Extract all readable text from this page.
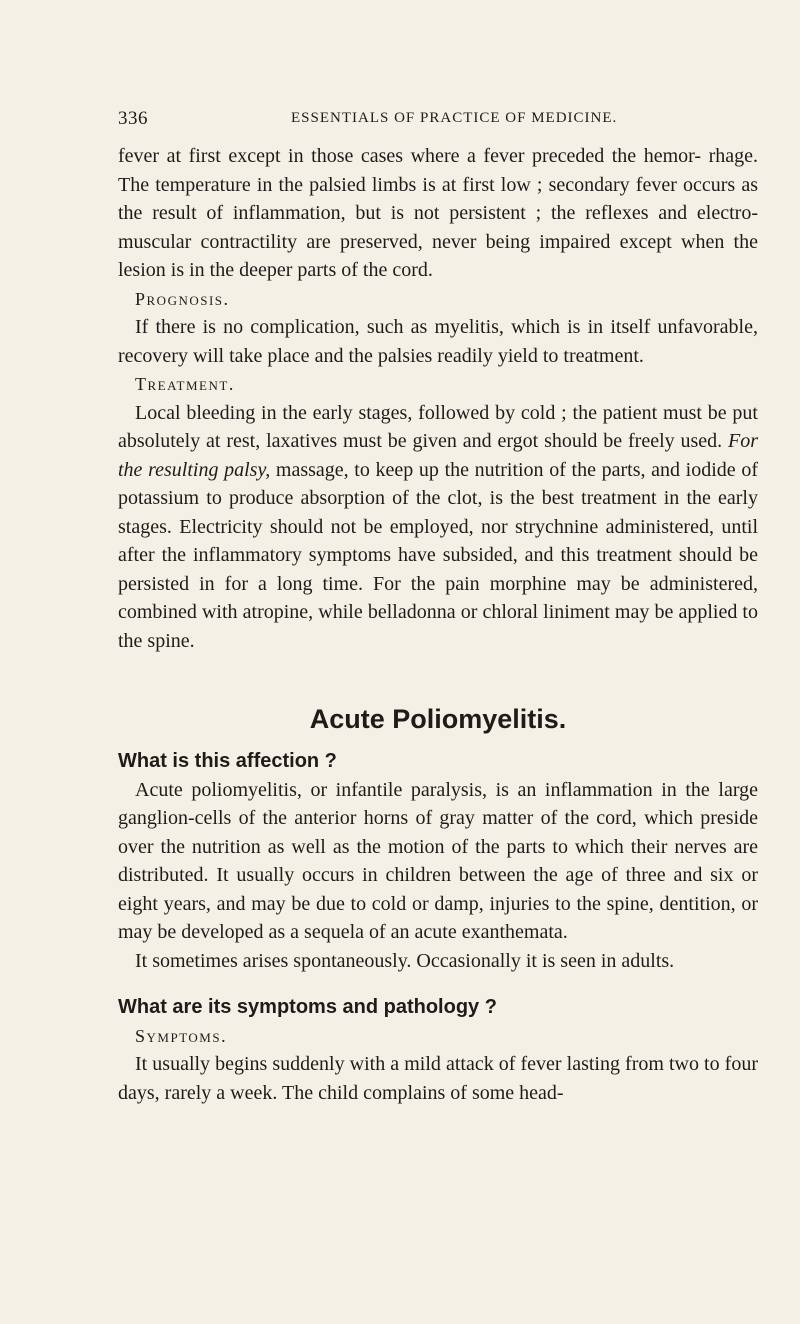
336	ESSENTIALS OF PRACTICE OF MEDICINE.

fever at first except in those cases where a fever preceded the hemor- rhage. The temperature in the palsied limbs is at first low ; secondary fever occurs as the result of inflammation, but is not persistent ; the reflexes and electro-muscular contractility are preserved, never being impaired except when the lesion is in the deeper parts of the cord.

Prognosis.

If there is no complication, such as myelitis, which is in itself unfavorable, recovery will take place and the palsies readily yield to treatment.

Treatment.

Local bleeding in the early stages, followed by cold ; the patient must be put absolutely at rest, laxatives must be given and ergot should be freely used. For the resulting palsy, massage, to keep up the nutrition of the parts, and iodide of potassium to produce absorption of the clot, is the best treatment in the early stages. Electricity should not be employed, nor strychnine administered, until after the inflammatory symptoms have subsided, and this treatment should be persisted in for a long time. For the pain morphine may be administered, combined with atropine, while belladonna or chloral liniment may be applied to the spine.

Acute Poliomyelitis.
What is this affection ?

Acute poliomyelitis, or infantile paralysis, is an inflammation in the large ganglion-cells of the anterior horns of gray matter of the cord, which preside over the nutrition as well as the motion of the parts to which their nerves are distributed. It usually occurs in children between the age of three and six or eight years, and may be due to cold or damp, injuries to the spine, dentition, or may be developed as a sequela of an acute exanthemata.

It sometimes arises spontaneously. Occasionally it is seen in adults.

What are its symptoms and pathology ?
Symptoms.

It usually begins suddenly with a mild attack of fever lasting from two to four days, rarely a week. The child complains of some head-
